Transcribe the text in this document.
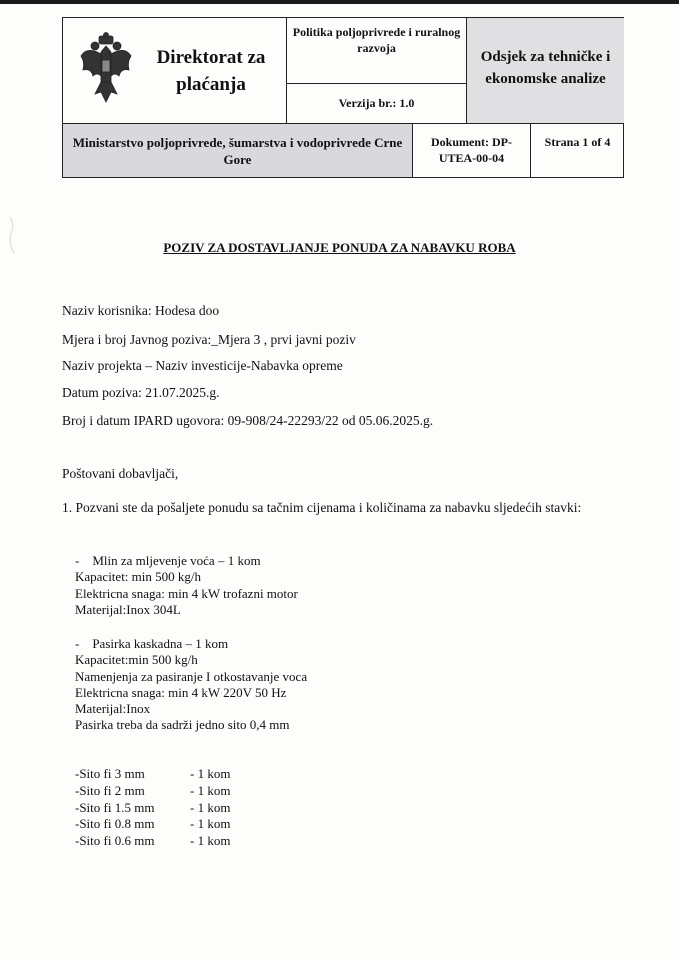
Direktorat za plaćanja
Politika poljoprivrede i ruralnog razvoja
Verzija br.: 1.0
Odsjek za tehničke i ekonomske analize
Ministarstvo poljoprivrede, šumarstva i vodoprivrede Crne Gore
Dokument: DP-UTEA-00-04
Strana 1 of 4
POZIV ZA DOSTAVLJANJE PONUDA ZA NABAVKU ROBA
Naziv korisnika: Hodesa doo
Mjera i broj Javnog poziva:_Mjera 3 , prvi javni poziv
Naziv projekta – Naziv investicije-Nabavka opreme
Datum poziva: 21.07.2025.g.
Broj i datum IPARD ugovora: 09-908/24-22293/22 od 05.06.2025.g.
Poštovani dobavljači,
1. Pozvani ste da pošaljete ponudu sa tačnim cijenama i količinama za nabavku sljedećih stavki:
-    Mlin za mljevenje voća – 1 kom
Kapacitet: min 500 kg/h
Elektricna snaga: min 4 kW trofazni motor
Materijal:Inox 304L
-    Pasirka kaskadna – 1 kom
Kapacitet:min 500 kg/h
Namenjenja za pasiranje I otkostavanje voca
Elektricna snaga: min 4 kW 220V 50 Hz
Materijal:Inox
Pasirka treba da sadrži jedno sito 0,4 mm
-Sito fi 3 mm	- 1 kom
-Sito fi 2 mm	- 1 kom
-Sito fi 1.5 mm	- 1 kom
-Sito fi 0.8 mm	- 1 kom
-Sito fi 0.6 mm	- 1 kom
